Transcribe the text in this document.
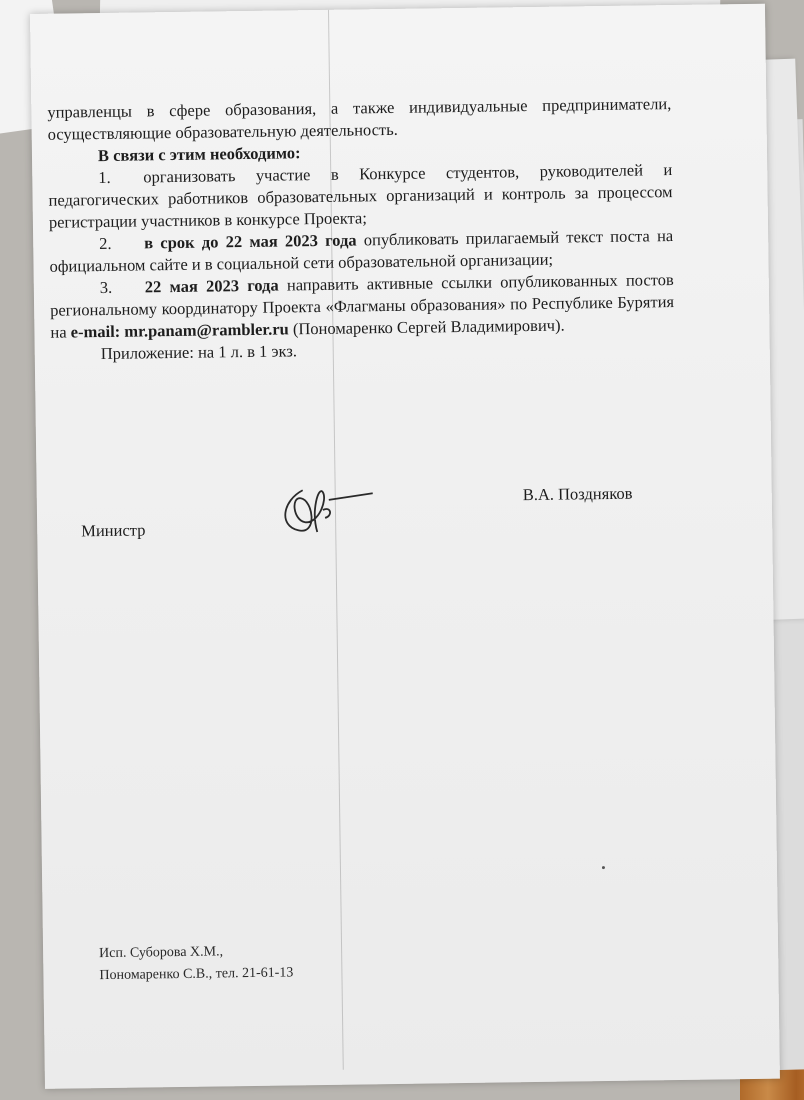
управленцы в сфере образования, а также индивидуальные предприниматели, осуществляющие образовательную деятельность.

В связи с этим необходимо:

1. организовать участие в Конкурсе студентов, руководителей и педагогических работников образовательных организаций и контроль за процессом регистрации участников в конкурсе Проекта;

2. в срок до 22 мая 2023 года опубликовать прилагаемый текст поста на официальном сайте и в социальной сети образовательной организации;

3. 22 мая 2023 года направить активные ссылки опубликованных постов региональному координатору Проекта «Флагманы образования» по Республике Бурятия на e-mail: mr.panam@rambler.ru (Пономаренко Сергей Владимирович).

Приложение: на 1 л. в 1 экз.

Министр
В.А. Поздняков
Исп. Суборова Х.М.,
Пономаренко С.В., тел. 21-61-13
